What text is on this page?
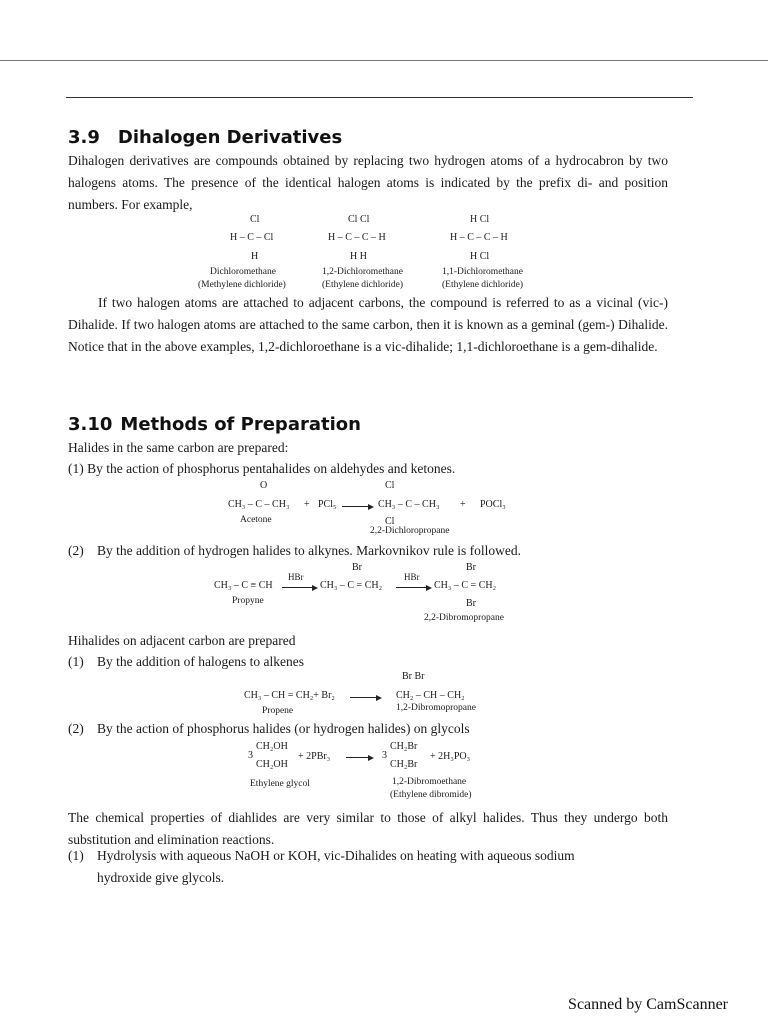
3.9 Dihalogen Derivatives

Dihalogen derivatives are compounds obtained by replacing two hydrogen atoms of a hydrocabron by two halogens atoms. The presence of the identical halogen atoms is indicated by the prefix di- and position numbers. For example,

Cl
H – C – Cl
H
Dichloromethane
(Methylene dichloride)
Cl Cl
H – C – C – H
H H
1,2-Dichloromethane
(Ethylene dichloride)
H Cl
H – C – C – H
H Cl
1,1-Dichloromethane
(Ethylene dichloride)

If two halogen atoms are attached to adjacent carbons, the compound is referred to as a vicinal (vic-) Dihalide. If two halogen atoms are attached to the same carbon, then it is known as a geminal (gem-) Dihalide. Notice that in the above examples, 1,2-dichloroethane is a vic-dihalide; 1,1-dichloroethane is a gem-dihalide.

3.10 Methods of Preparation
Halides in the same carbon are prepared:
(1) By the action of phosphorus pentahalides on aldehydes and ketones.
O	Cl
CH₃ – C – CH₃ + PCl₅ → CH₃ – C – CH₃ + POCl₃
Cl
Acetone
2,2-Dichloropropane
(2) By the addition of hydrogen halides to alkynes. Markovnikov rule is followed.
Br	Br
CH₃ – C ≡ CH
HBr
→ CH₃ – C = CH₂
HBr
→ CH₃ – C = CH₂
Br
Propyne
2,2-Dibromopropane
Hihalides on adjacent carbon are prepared
(1) By the addition of halogens to alkenes
Br Br
CH₃ – CH = CH₂+ Br₂ → CH₂ – CH – CH₂
Propene	1,2-Dibromopropane
(2) By the action of phosphorus halides (or hydrogen halides) on glycols
3
CH₂OH
CH₂OH
+ 2PBr₃ → 3
CH₂Br
CH₂Br
+ 2H₃PO₃
Ethylene glycol	1,2-Dibromoethane
(Ethylene dibromide)

The chemical properties of diahlides are very similar to those of alkyl halides. Thus they undergo both substitution and elimination reactions.

(1) Hydrolysis with aqueous NaOH or KOH, vic-Dihalides on heating with aqueous sodium
hydroxide give glycols.
Scanned by CamScanner
